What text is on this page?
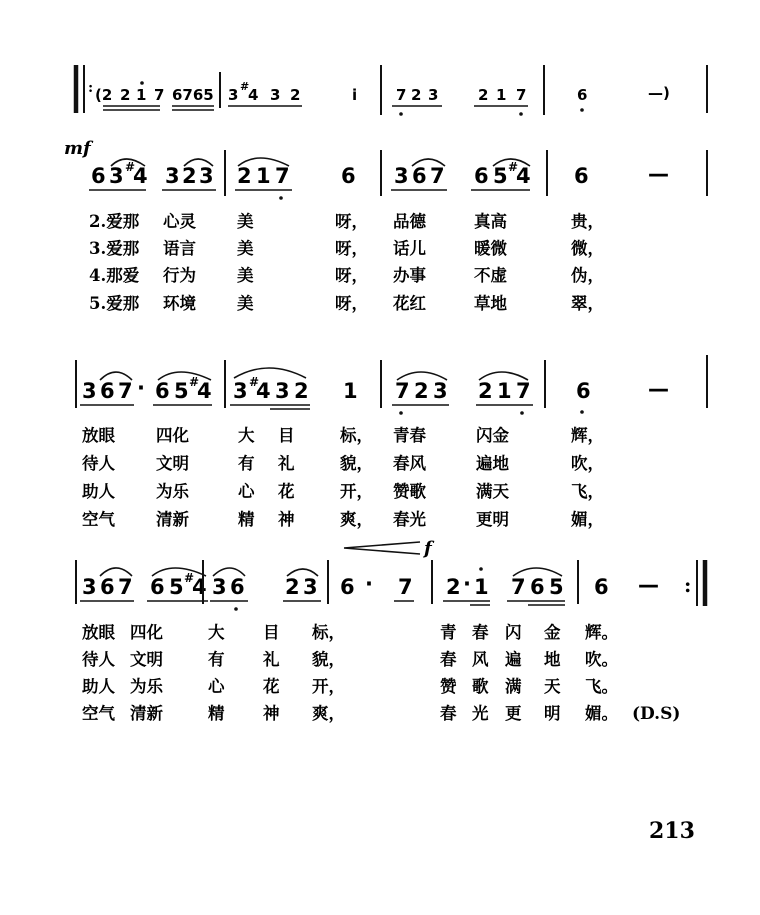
: (2 2 1 7 6765 3 #
4 3 2	i	7 2 3	2 1 7	6	—)
mf
6 3 #
4 3 2 3 2 1 7 6 3 6 7 6 5 #
4 6	—
2.爱那 心灵 美	呀， 品德	真高	贵，
3.爱那 语言 美	呀， 话儿	暖微	微，
4.那爱 行为 美	呀， 办事	不虚	伪，
5.爱那 环境 美	呀， 花红	草地	翠，
3 6 7 · 6 5 #
4 3 #
4 3 2 1 7 2 3 2 1 7 6	—
放眼 四化	大 目	标， 青春	闪金	辉，
待人 文明	有 礼	貌， 春风	遍地	吹，
助人 为乐	心 花	开， 赞歌	满天	飞，
空气 清新	精 神	爽， 春光	更明	媚，
f
3 6 7 6 5 #
4 3 6 2 3 6 · 7 2 · 1 7 6 5 6 — :
放眼 四化	大 目 标，	青 春 闪 金 辉。
待人 文明	有 礼 貌，	春 风 遍 地 吹。
助人 为乐	心 花 开，	赞 歌 满 天 飞。
空气 清新	精 神 爽，	春 光 更 明 媚。 (D.S)
213
